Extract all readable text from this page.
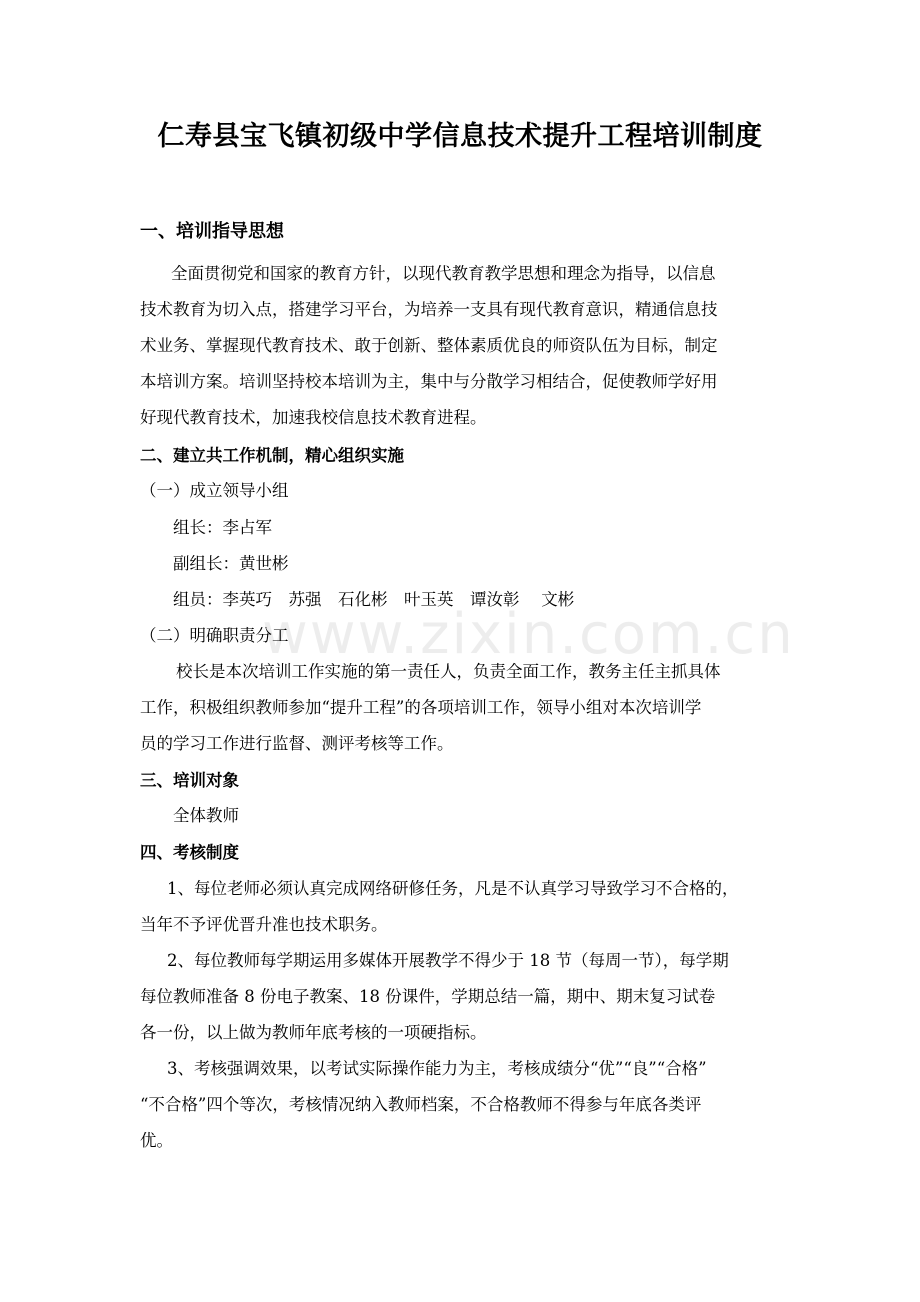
www.zixin.com.cn
仁寿县宝飞镇初级中学信息技术提升工程培训制度
一、培训指导思想
全面贯彻党和国家的教育方针，以现代教育教学思想和理念为指导，以信息
技术教育为切入点，搭建学习平台，为培养一支具有现代教育意识，精通信息技
术业务、掌握现代教育技术、敢于创新、整体素质优良的师资队伍为目标，制定
本培训方案。培训坚持校本培训为主，集中与分散学习相结合，促使教师学好用
好现代教育技术，加速我校信息技术教育进程。
二、建立共工作机制，精心组织实施
（一）成立领导小组
组长：李占军
副组长：黄世彬
组员：李英巧　苏强　石化彬　叶玉英　谭汝彰　 文彬
（二）明确职责分工
校长是本次培训工作实施的第一责任人，负责全面工作，教务主任主抓具体
工作，积极组织教师参加“提升工程”的各项培训工作，领导小组对本次培训学
员的学习工作进行监督、测评考核等工作。
三、培训对象
全体教师
四、考核制度
1、每位老师必须认真完成网络研修任务，凡是不认真学习导致学习不合格的，
当年不予评优晋升准也技术职务。
2、每位教师每学期运用多媒体开展教学不得少于 18 节（每周一节），每学期
每位教师准备 8 份电子教案、18 份课件，学期总结一篇，期中、期末复习试卷
各一份，以上做为教师年底考核的一项硬指标。
3、考核强调效果，以考试实际操作能力为主，考核成绩分“优”“良”“合格”
“不合格”四个等次，考核情况纳入教师档案，不合格教师不得参与年底各类评
优。
